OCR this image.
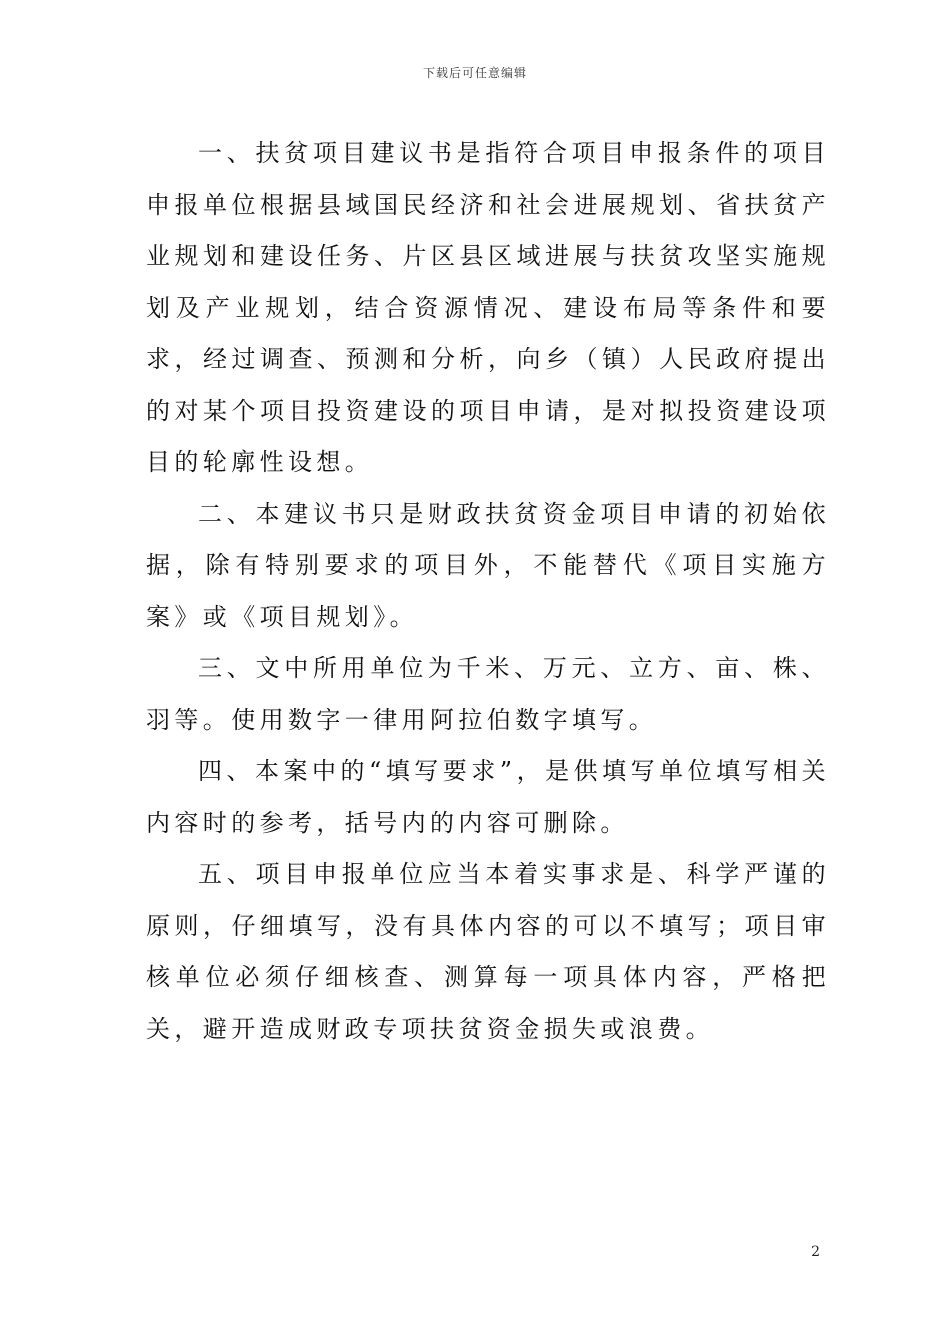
下载后可任意编辑

一、扶贫项目建议书是指符合项目申报条件的项目申报单位根据县域国民经济和社会进展规划、省扶贫产业规划和建设任务、片区县区域进展与扶贫攻坚实施规划及产业规划，结合资源情况、建设布局等条件和要求，经过调查、预测和分析，向乡（镇）人民政府提出的对某个项目投资建设的项目申请，是对拟投资建设项目的轮廓性设想。

二、本建议书只是财政扶贫资金项目申请的初始依据，除有特别要求的项目外，不能替代《项目实施方案》或《项目规划》。

三、文中所用单位为千米、万元、立方、亩、株、羽等。使用数字一律用阿拉伯数字填写。

四、本案中的“填写要求”，是供填写单位填写相关内容时的参考，括号内的内容可删除。

五、项目申报单位应当本着实事求是、科学严谨的原则，仔细填写，没有具体内容的可以不填写；项目审核单位必须仔细核查、测算每一项具体内容，严格把关，避开造成财政专项扶贫资金损失或浪费。

2
